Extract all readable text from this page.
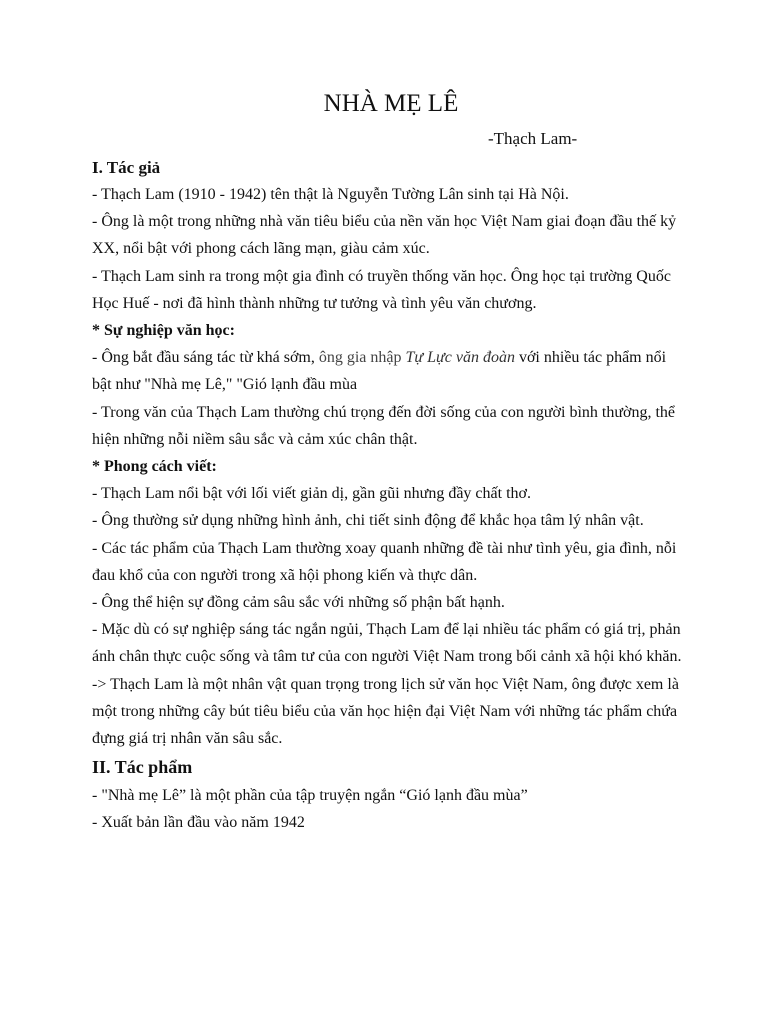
NHÀ MẸ LÊ

-Thạch Lam-

I. Tác giả

- Thạch Lam (1910 - 1942) tên thật là Nguyễn Tường Lân sinh tại Hà Nội.

- Ông là một trong những nhà văn tiêu biểu của nền văn học Việt Nam giai đoạn đầu thế kỷ XX, nổi bật với phong cách lãng mạn, giàu cảm xúc.

- Thạch Lam sinh ra trong một gia đình có truyền thống văn học. Ông học tại trường Quốc Học Huế - nơi đã hình thành những tư tưởng và tình yêu văn chương.

* Sự nghiệp văn học:

- Ông bắt đầu sáng tác từ khá sớm, ông gia nhập Tự Lực văn đoàn với nhiều tác phẩm nổi bật như "Nhà mẹ Lê," "Gió lạnh đầu mùa

- Trong văn của Thạch Lam thường chú trọng đến đời sống của con người bình thường, thể hiện những nỗi niềm sâu sắc và cảm xúc chân thật.

* Phong cách viết:

- Thạch Lam nổi bật với lối viết giản dị, gần gũi nhưng đầy chất thơ.

- Ông thường sử dụng những hình ảnh, chi tiết sinh động để khắc họa tâm lý nhân vật.

- Các tác phẩm của Thạch Lam thường xoay quanh những đề tài như tình yêu, gia đình, nỗi đau khổ của con người trong xã hội phong kiến và thực dân.

- Ông thể hiện sự đồng cảm sâu sắc với những số phận bất hạnh.

- Mặc dù có sự nghiệp sáng tác ngắn ngủi, Thạch Lam để lại nhiều tác phẩm có giá trị, phản ánh chân thực cuộc sống và tâm tư của con người Việt Nam trong bối cảnh xã hội khó khăn.

-> Thạch Lam là một nhân vật quan trọng trong lịch sử văn học Việt Nam, ông được xem là một trong những cây bút tiêu biểu của văn học hiện đại Việt Nam với những tác phẩm chứa đựng giá trị nhân văn sâu sắc.

II. Tác phẩm

- "Nhà mẹ Lê” là một phần của tập truyện ngắn “Gió lạnh đầu mùa”

- Xuất bản lần đầu vào năm 1942
